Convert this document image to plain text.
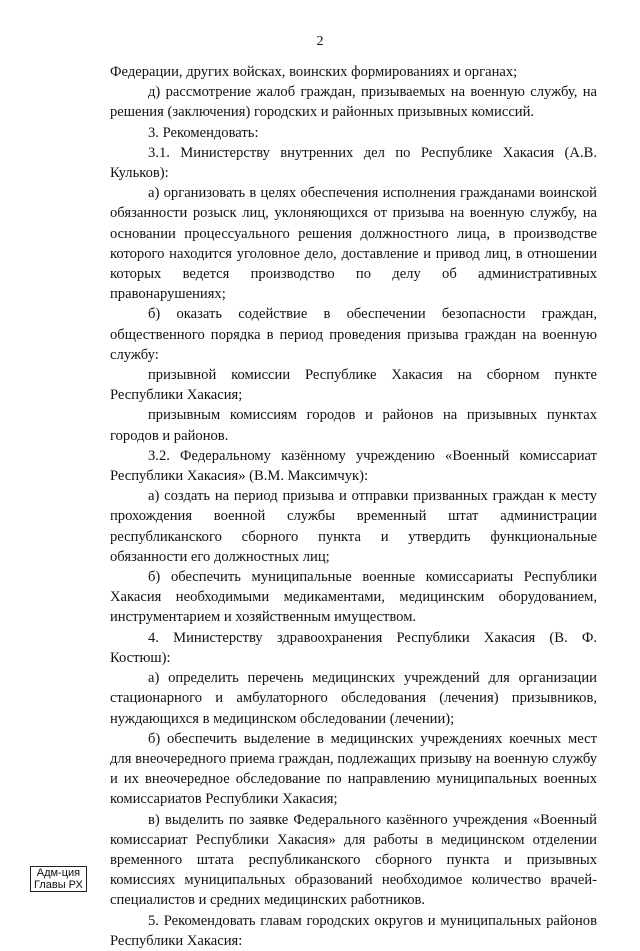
2

Федерации, других войсках, воинских формированиях и органах;

д) рассмотрение жалоб граждан, призываемых на военную службу, на решения (заключения) городских и районных призывных комиссий.

3. Рекомендовать:

3.1. Министерству внутренних дел по Республике Хакасия (А.В. Кульков):

а) организовать в целях обеспечения исполнения гражданами воинской обязанности розыск лиц, уклоняющихся от призыва на военную службу, на основании процессуального решения должностного лица, в производстве которого находится уголовное дело, доставление и привод лиц, в отношении которых ведется производство по делу об административных правонарушениях;

б) оказать содействие в обеспечении безопасности граждан, общественного порядка в период проведения призыва граждан на военную службу:

призывной комиссии Республике Хакасия на сборном пункте Республики Хакасия;

призывным комиссиям городов и районов на призывных пунктах городов и районов.

3.2. Федеральному казённому учреждению «Военный комиссариат Республики Хакасия» (В.М. Максимчук):

а) создать на период призыва и отправки призванных граждан к месту прохождения военной службы временный штат администрации республиканского сборного пункта и утвердить функциональные обязанности его должностных лиц;

б) обеспечить муниципальные военные комиссариаты Республики Хакасия необходимыми медикаментами, медицинским оборудованием, инструментарием и хозяйственным имуществом.

4. Министерству здравоохранения Республики Хакасия (В. Ф. Костюш):

а) определить перечень медицинских учреждений для организации стационарного и амбулаторного обследования (лечения) призывников, нуждающихся в медицинском обследовании (лечении);

б) обеспечить выделение в медицинских учреждениях коечных мест для внеочередного приема граждан, подлежащих призыву на военную службу и их внеочередное обследование по направлению муниципальных военных комиссариатов Республики Хакасия;

в) выделить по заявке Федерального казённого учреждения «Военный комиссариат Республики Хакасия» для работы в медицинском отделении временного штата республиканского сборного пункта и призывных комиссиях муниципальных образований необходимое количество врачей-специалистов и средних медицинских работников.

5. Рекомендовать главам городских округов и муниципальных районов Республики Хакасия:

Адм-ция
Главы РХ
